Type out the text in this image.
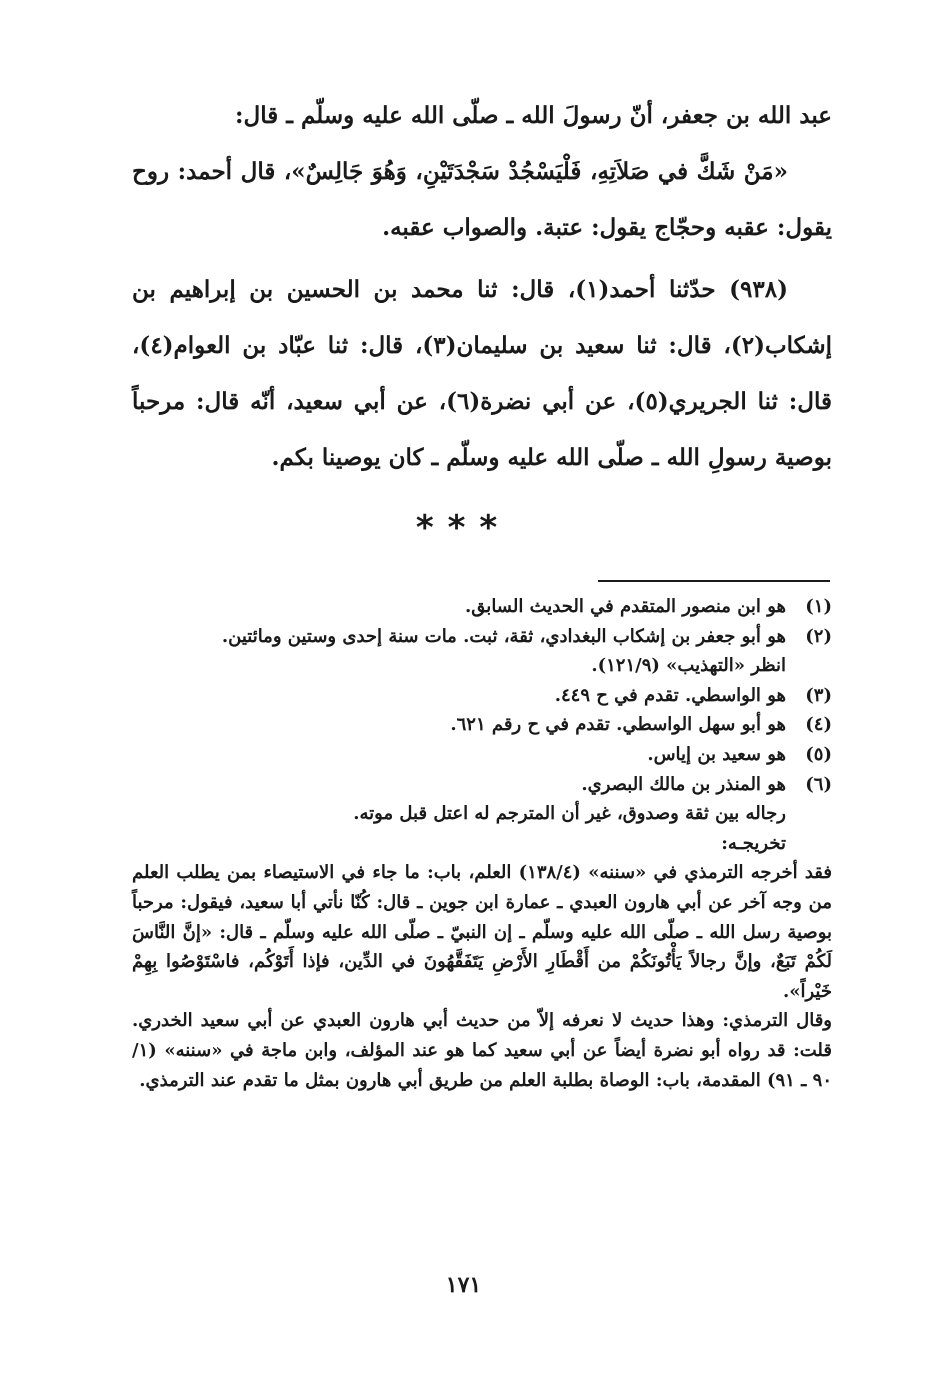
عبد الله بن جعفر، أنّ رسولَ الله ـ صلّى الله عليه وسلّم ـ قال:

«مَنْ شَكَّ في صَلاَتِهِ، فَلْيَسْجُدْ سَجْدَتَيْنِ، وَهُوَ جَالِسٌ»، قال أحمد: روح يقول: عقبه وحجّاج يقول: عتبة. والصواب عقبه.

(٩٣٨) حدّثنا أحمد(١)، قال: ثنا محمد بن الحسين بن إبراهيم بن إشكاب(٢)، قال: ثنا سعيد بن سليمان(٣)، قال: ثنا عبّاد بن العوام(٤)، قال: ثنا الجريري(٥)، عن أبي نضرة(٦)، عن أبي سعيد، أنّه قال: مرحباً بوصية رسولِ الله ـ صلّى الله عليه وسلّم ـ كان يوصينا بكم.

***
(١)
هو ابن منصور المتقدم في الحديث السابق.
(٢)
هو أبو جعفر بن إشكاب البغدادي، ثقة، ثبت. مات سنة إحدى وستين ومائتين.
انظر «التهذيب» (١٢١/٩).
(٣)
هو الواسطي. تقدم في ح ٤٤٩.
(٤)
هو أبو سهل الواسطي. تقدم في ح رقم ٦٢١.
(٥)
هو سعيد بن إياس.
(٦)
هو المنذر بن مالك البصري.
رجاله بين ثقة وصدوق، غير أن المترجم له اعتل قبل موته.
تخريجـه:
فقد أخرجه الترمذي في «سننه» (١٣٨/٤) العلم، باب: ما جاء في الاستيصاء بمن يطلب العلم من وجه آخر عن أبي هارون العبدي ـ عمارة ابن جوين ـ قال: كُنّا نأتي أبا سعيد، فيقول: مرحباً بوصية رسل الله ـ صلّى الله عليه وسلّم ـ إن النبيّ ـ صلّى الله عليه وسلّم ـ قال: «إنَّ النَّاسَ لَكُمْ تَبَعٌ، وإنَّ رجالاً يَأْتُونَكُمْ من أَقْطَارِ الأَرْضِ يَتَفَقَّهُونَ في الدِّين، فإذا أَتَوْكُم، فاسْتَوْصُوا بِهِمْ خَيْراً».
وقال الترمذي: وهذا حديث لا نعرفه إلاّ من حديث أبي هارون العبدي عن أبي سعيد الخدري. قلت: قد رواه أبو نضرة أيضاً عن أبي سعيد كما هو عند المؤلف، وابن ماجة في «سننه» (١/ ٩٠ ـ ٩١) المقدمة، باب: الوصاة بطلبة العلم من طريق أبي هارون بمثل ما تقدم عند الترمذي.
١٧١
